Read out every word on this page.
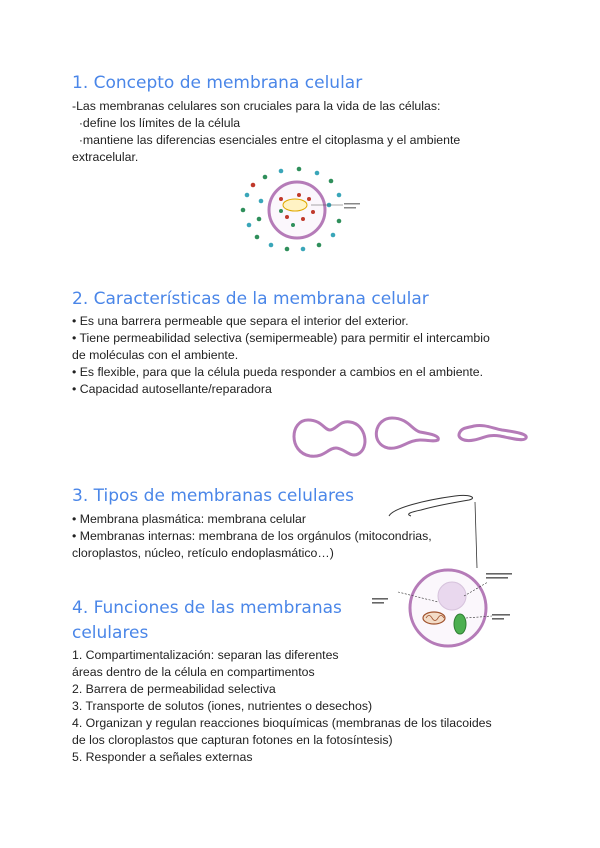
1. Concepto de membrana celular

-Las membranas celulares son cruciales para la vida de las células:

·define los límites de la célula

·mantiene las diferencias esenciales entre el citoplasma y el ambiente

extracelular.

2. Características de la membrana celular

• Es una barrera permeable que separa el interior del exterior.

• Tiene permeabilidad selectiva (semipermeable) para permitir el intercambio

de moléculas con el ambiente.

• Es flexible, para que la célula pueda responder a cambios en el ambiente.

• Capacidad autosellante/reparadora

3. Tipos de membranas celulares

• Membrana plasmática: membrana celular

• Membranas internas: membrana de los orgánulos (mitocondrias,

cloroplastos, núcleo, retículo endoplasmático…)

4. Funciones de las membranas
celulares

1. Compartimentalización: separan las diferentes

áreas dentro de la célula en compartimentos

2. Barrera de permeabilidad selectiva

3. Transporte de solutos (iones, nutrientes o desechos)

4. Organizan y regulan reacciones bioquímicas (membranas de los tilacoides

de los cloroplastos que capturan fotones en la fotosíntesis)

5. Responder a señales externas
